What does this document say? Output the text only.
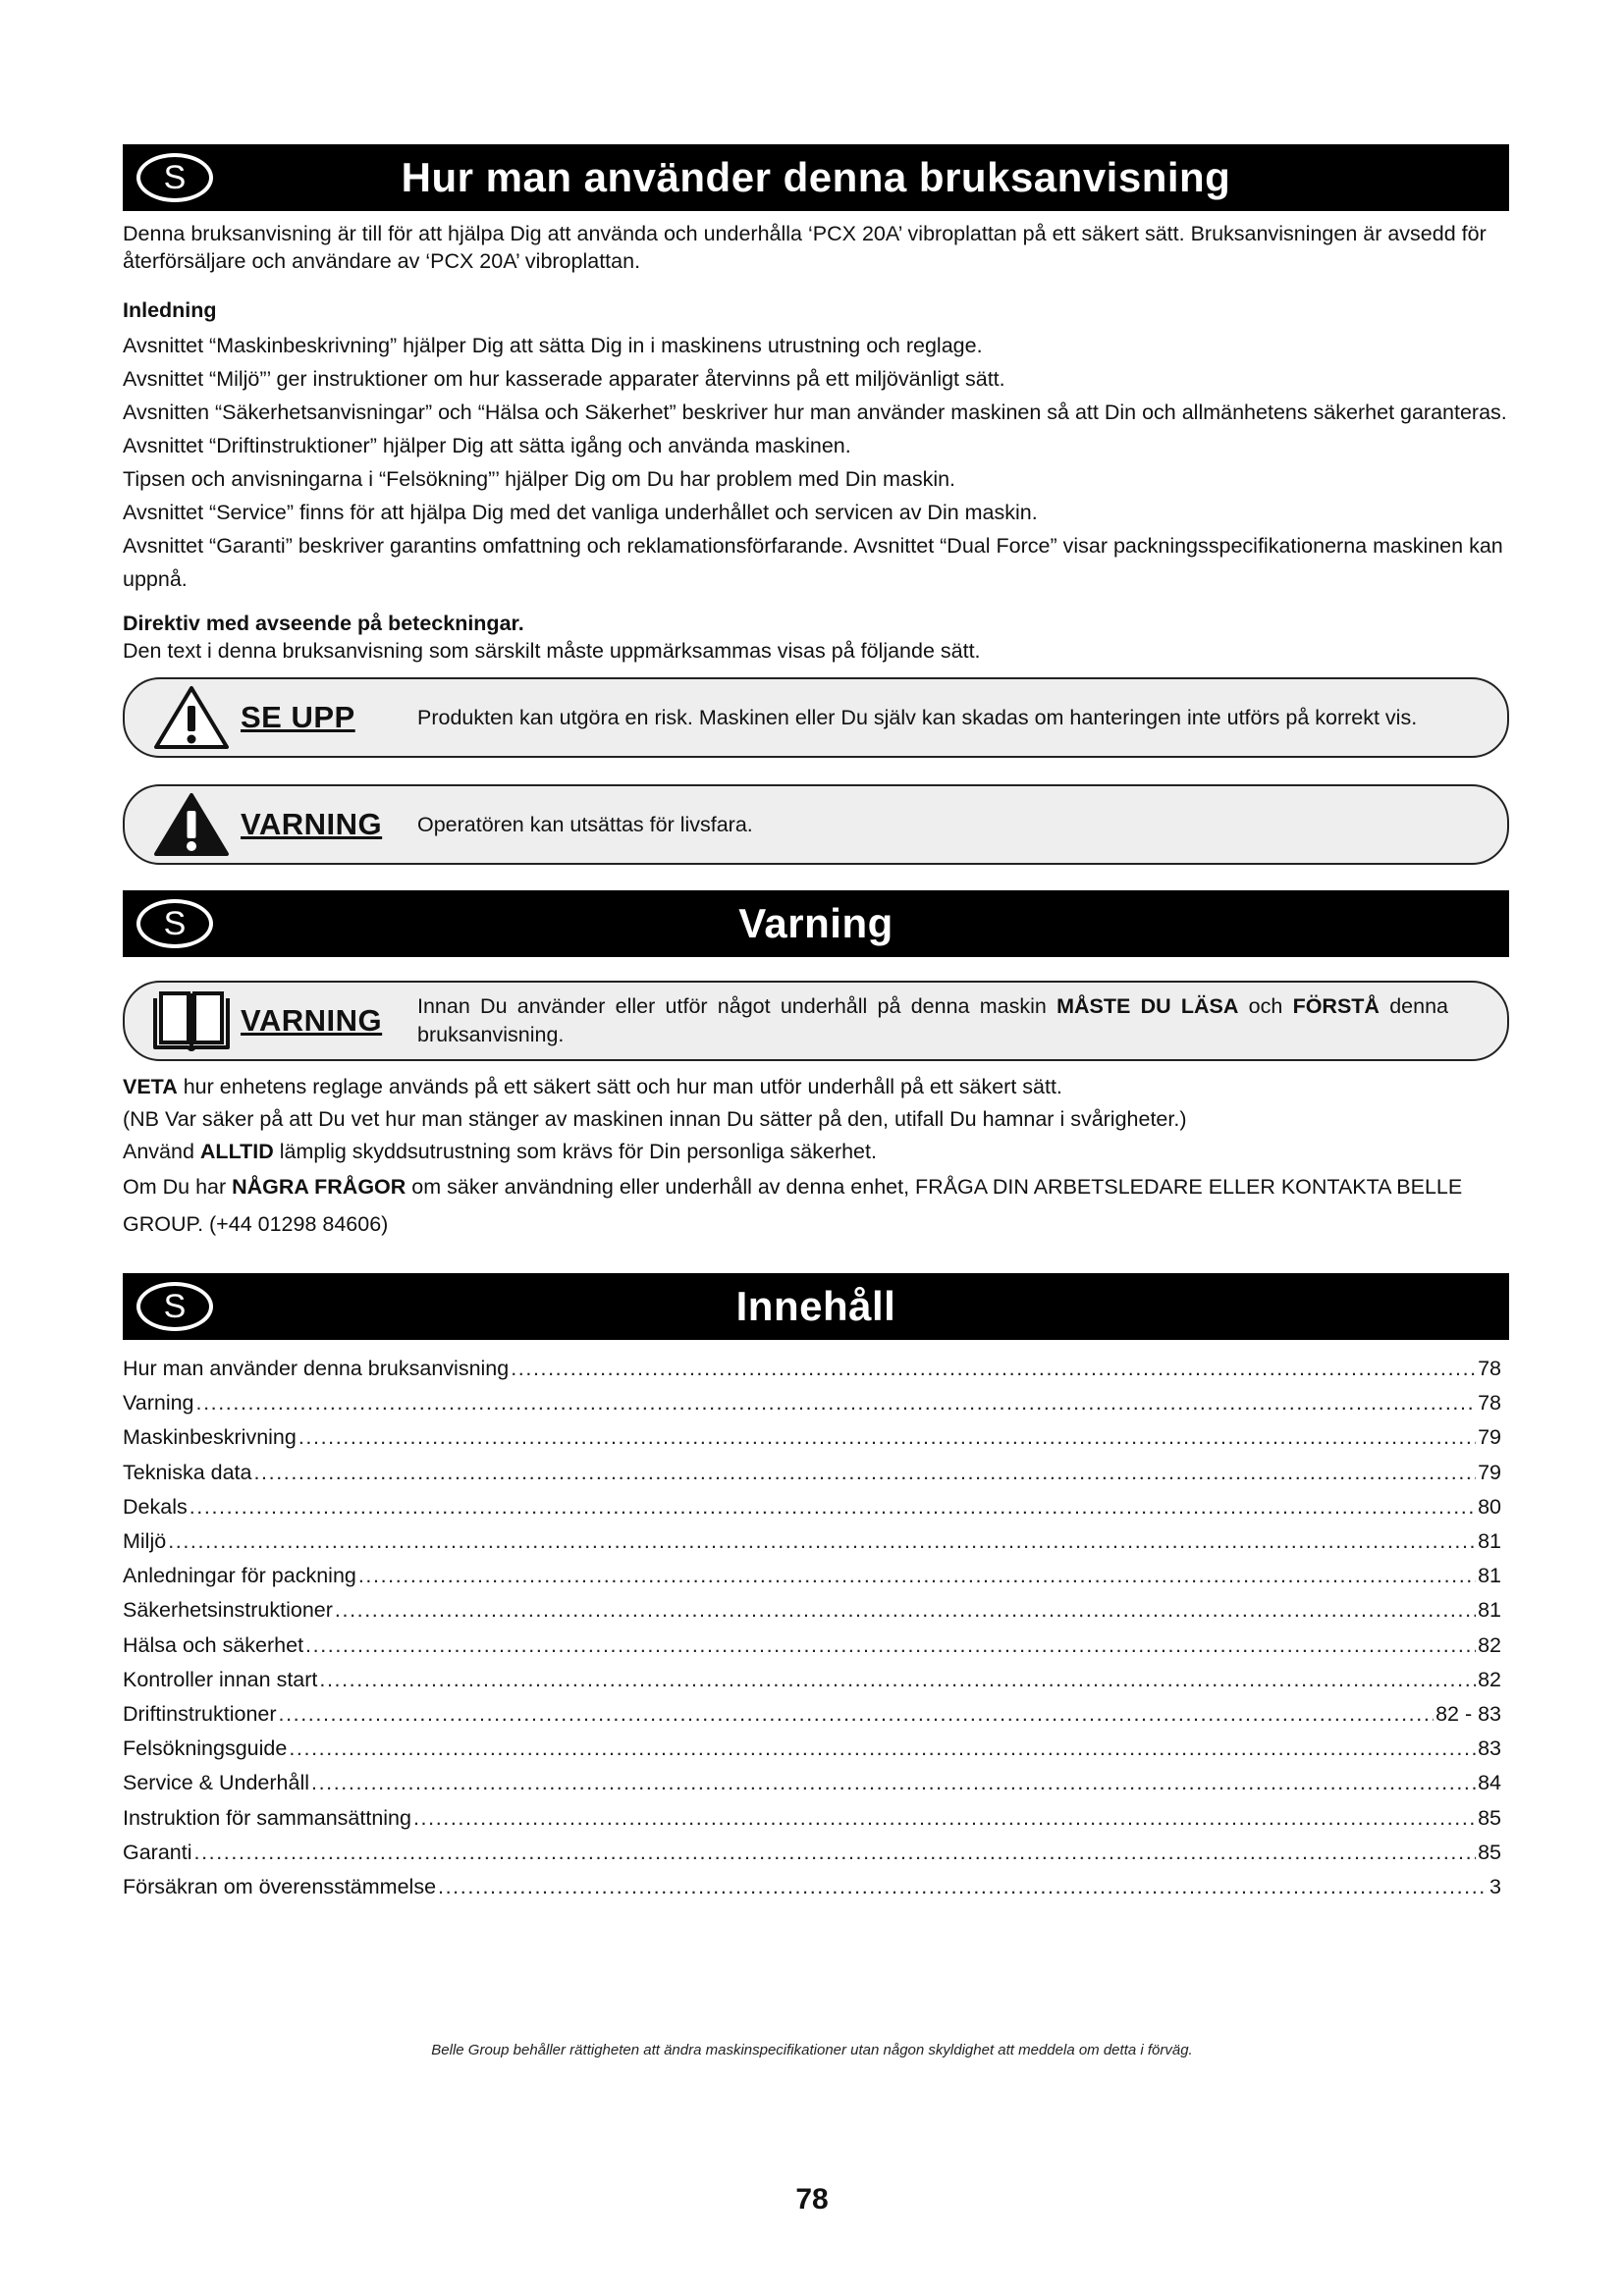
S	Hur man använder denna bruksanvisning

Denna bruksanvisning är till för att hjälpa Dig att använda och underhålla ‘PCX 20A’ vibroplattan på ett säkert sätt. Bruksanvisningen är avsedd för återförsäljare och användare av ‘PCX 20A’ vibroplattan.

Inledning

Avsnittet “Maskinbeskrivning” hjälper Dig att sätta Dig in i maskinens utrustning och reglage.

Avsnittet “Miljö”’ ger instruktioner om hur kasserade apparater återvinns på ett miljövänligt sätt.

Avsnitten “Säkerhetsanvisningar” och “Hälsa och Säkerhet” beskriver hur man använder maskinen så att Din och allmänhetens säkerhet garanteras.

Avsnittet “Driftinstruktioner” hjälper Dig att sätta igång och använda maskinen.

Tipsen och anvisningarna i “Felsökning”’ hjälper Dig om Du har problem med Din maskin.

Avsnittet “Service” finns för att hjälpa Dig med det vanliga underhållet och servicen av Din maskin.

Avsnittet “Garanti” beskriver garantins omfattning och reklamationsförfarande. Avsnittet “Dual Force” visar packningsspecifikationerna maskinen kan uppnå.

Direktiv med avseende på beteckningar.

Den text i denna bruksanvisning som särskilt måste uppmärksammas visas på följande sätt.

SE UPP	Produkten kan utgöra en risk. Maskinen eller Du själv kan skadas om hanteringen inte utförs på korrekt vis.
VARNING	Operatören kan utsättas för livsfara.
S	Varning
VARNING	Innan Du använder eller utför något underhåll på denna maskin MÅSTE DU LÄSA och FÖRSTÅ denna bruksanvisning.

VETA hur enhetens reglage används på ett säkert sätt och hur man utför underhåll på ett säkert sätt.

(NB Var säker på att Du vet hur man stänger av maskinen innan Du sätter på den, utifall Du hamnar i svårigheter.)

Använd ALLTID lämplig skyddsutrustning som krävs för Din personliga säkerhet.

Om Du har NÅGRA FRÅGOR om säker användning eller underhåll av denna enhet, FRÅGA DIN ARBETSLEDARE ELLER KONTAKTA BELLE GROUP. (+44 01298 84606)

S	Innehåll
Hur man använder denna bruksanvisning .....	78
Varning .....	78
Maskinbeskrivning .....	79
Tekniska data .....	79
Dekals .....	80
Miljö .....	81
Anledningar för packning .....	81
Säkerhetsinstruktioner .....	81
Hälsa och säkerhet .....	82
Kontroller innan start .....	82
Driftinstruktioner .....	82 - 83
Felsökningsguide .....	83
Service & Underhåll .....	84
Instruktion för sammansättning .....	85
Garanti .....	85
Försäkran om överensstämmelse .....	3
Belle Group behåller rättigheten att ändra maskinspecifikationer utan någon skyldighet att meddela om detta i förväg.
78
